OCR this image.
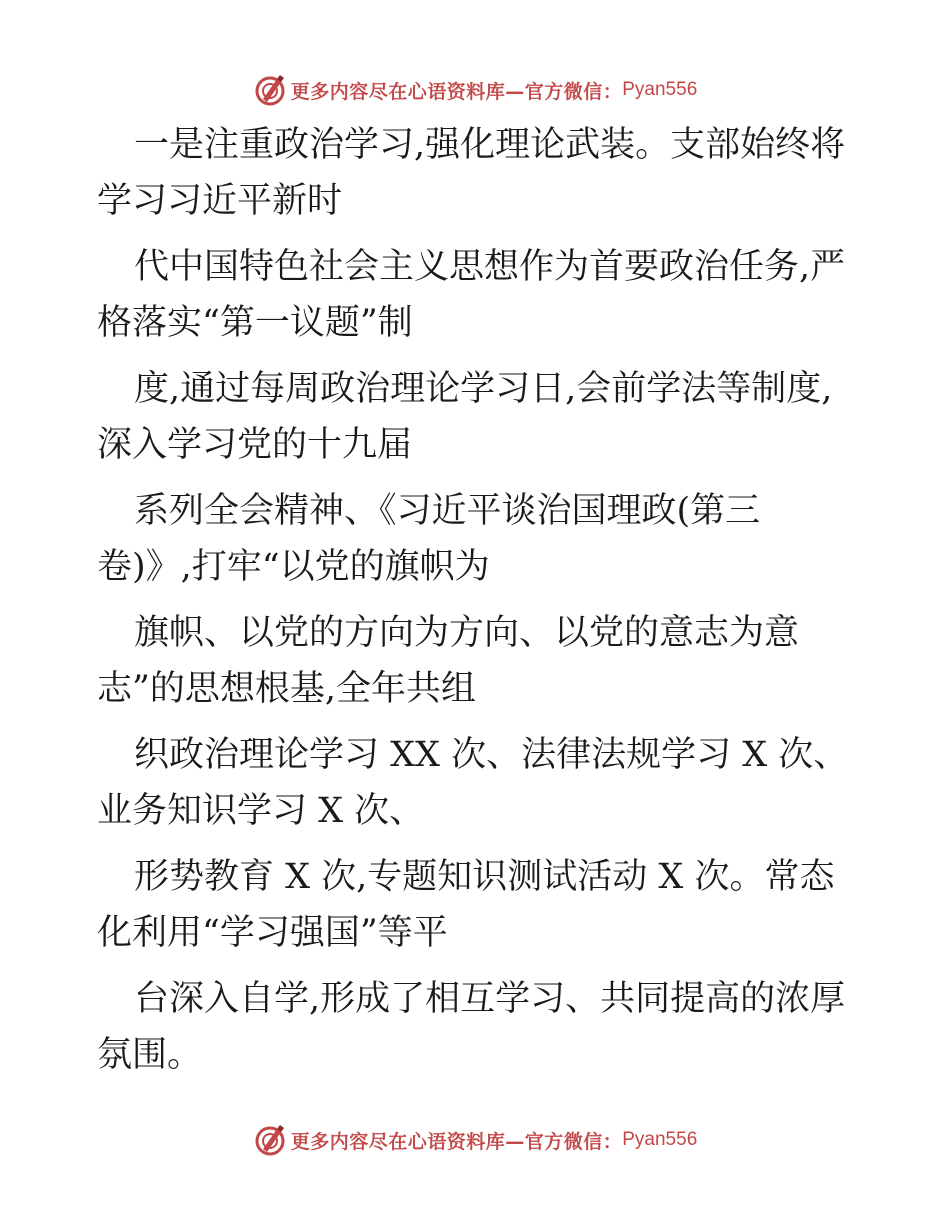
更多内容尽在心语资料库—官方微信： Pyan556
一是注重政治学习,强化理论武装。支部始终将
学习习近平新时
代中国特色社会主义思想作为首要政治任务,严
格落实“第一议题”制
度,通过每周政治理论学习日,会前学法等制度,
深入学习党的十九届
系列全会精神、《习近平谈治国理政(第三
卷)》,打牢“以党的旗帜为
旗帜、以党的方向为方向、以党的意志为意
志”的思想根基,全年共组
织政治理论学习 XX 次、法律法规学习 X 次、
业务知识学习 X 次、
形势教育 X 次,专题知识测试活动 X 次。常态
化利用“学习强国”等平
台深入自学,形成了相互学习、共同提高的浓厚
氛围。
更多内容尽在心语资料库—官方微信： Pyan556
